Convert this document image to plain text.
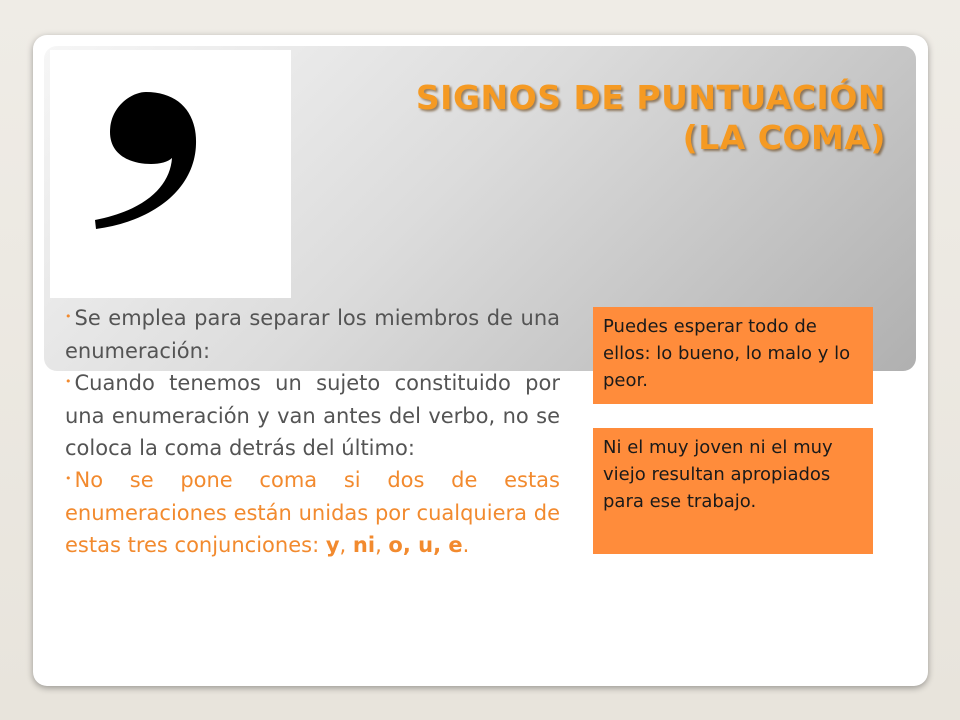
SIGNOS DE PUNTUACIÓN
(LA COMA)
• Se emplea para separar los miembros de una enumeración:
• Cuando tenemos un sujeto constituido por una enumeración y van antes del verbo, no se coloca la coma detrás del último:
• No se pone coma si dos de estas enumeraciones están unidas por cualquiera de estas tres conjunciones: y, ni, o, u, e.
Puedes esperar todo de ellos: lo bueno, lo malo y lo peor.
Ni el muy joven ni el muy viejo resultan apropiados para ese trabajo.
